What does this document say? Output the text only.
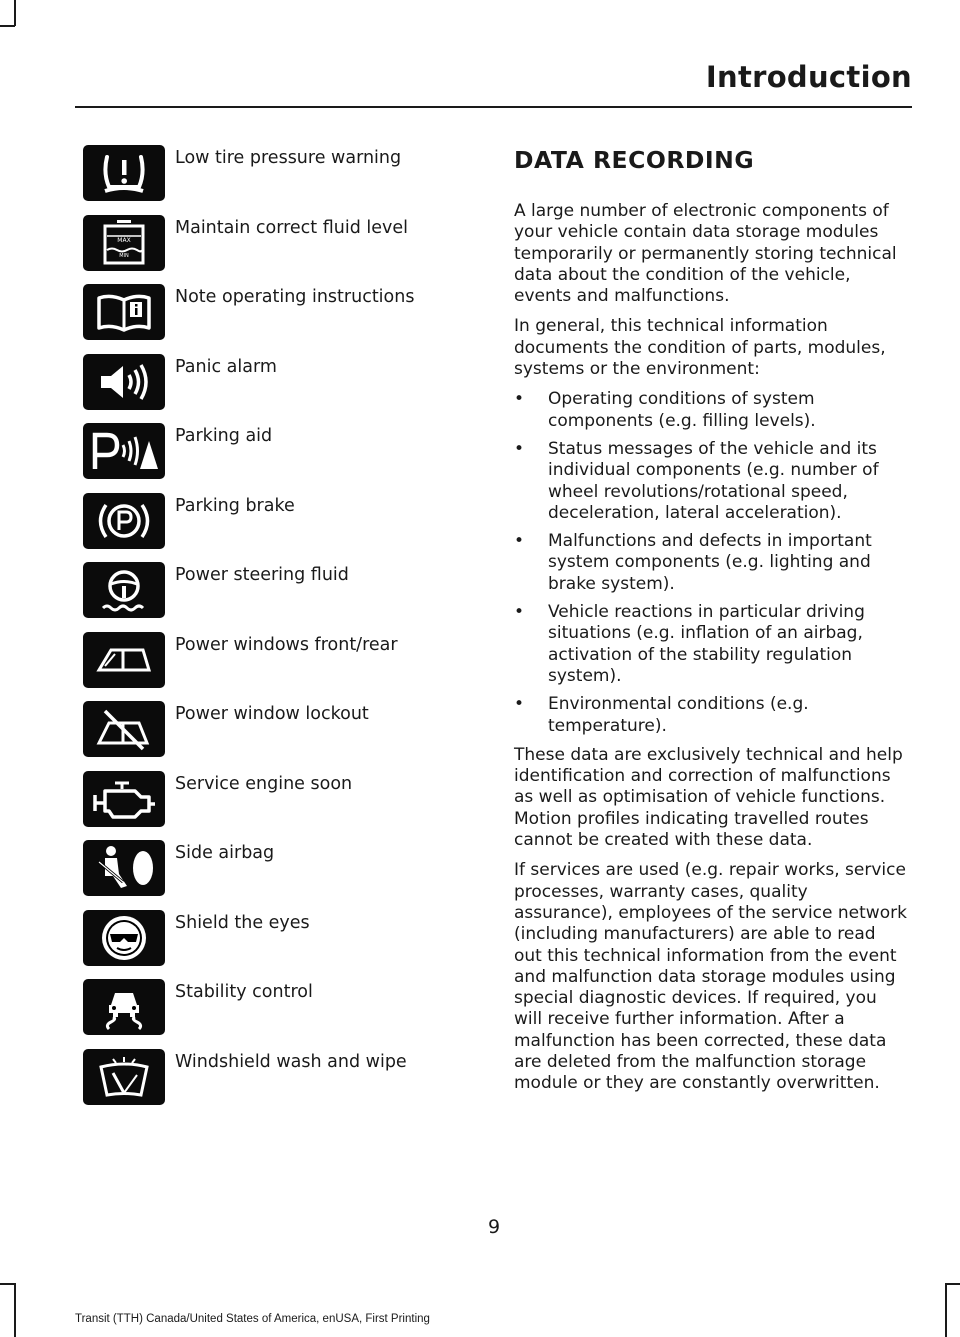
Introduction
Low tire pressure warning
MAX
MIN
Maintain correct fluid level
Note operating instructions
Panic alarm
Parking aid
Parking brake
Power steering fluid
Power windows front/rear
Power window lockout
Service engine soon
Side airbag
Shield the eyes
Stability control
Windshield wash and wipe
DATA RECORDING

A large number of electronic components of your vehicle contain data storage modules temporarily or permanently storing technical data about the condition of the vehicle, events and malfunctions.

In general, this technical information documents the condition of parts, modules, systems or the environment:

• Operating conditions of system components (e.g. filling levels).
• Status messages of the vehicle and its individual components (e.g. number of wheel revolutions/rotational speed, deceleration, lateral acceleration).
• Malfunctions and defects in important system components (e.g. lighting and brake system).
• Vehicle reactions in particular driving situations (e.g. inflation of an airbag, activation of the stability regulation system).
• Environmental conditions (e.g. temperature).

These data are exclusively technical and help identification and correction of malfunctions as well as optimisation of vehicle functions. Motion profiles indicating travelled routes cannot be created with these data.

If services are used (e.g. repair works, service processes, warranty cases, quality assurance), employees of the service network (including manufacturers) are able to read out this technical information from the event and malfunction data storage modules using special diagnostic devices. If required, you will receive further information. After a malfunction has been corrected, these data are deleted from the malfunction storage module or they are constantly overwritten.

9
Transit (TTH) Canada/United States of America, enUSA, First Printing
